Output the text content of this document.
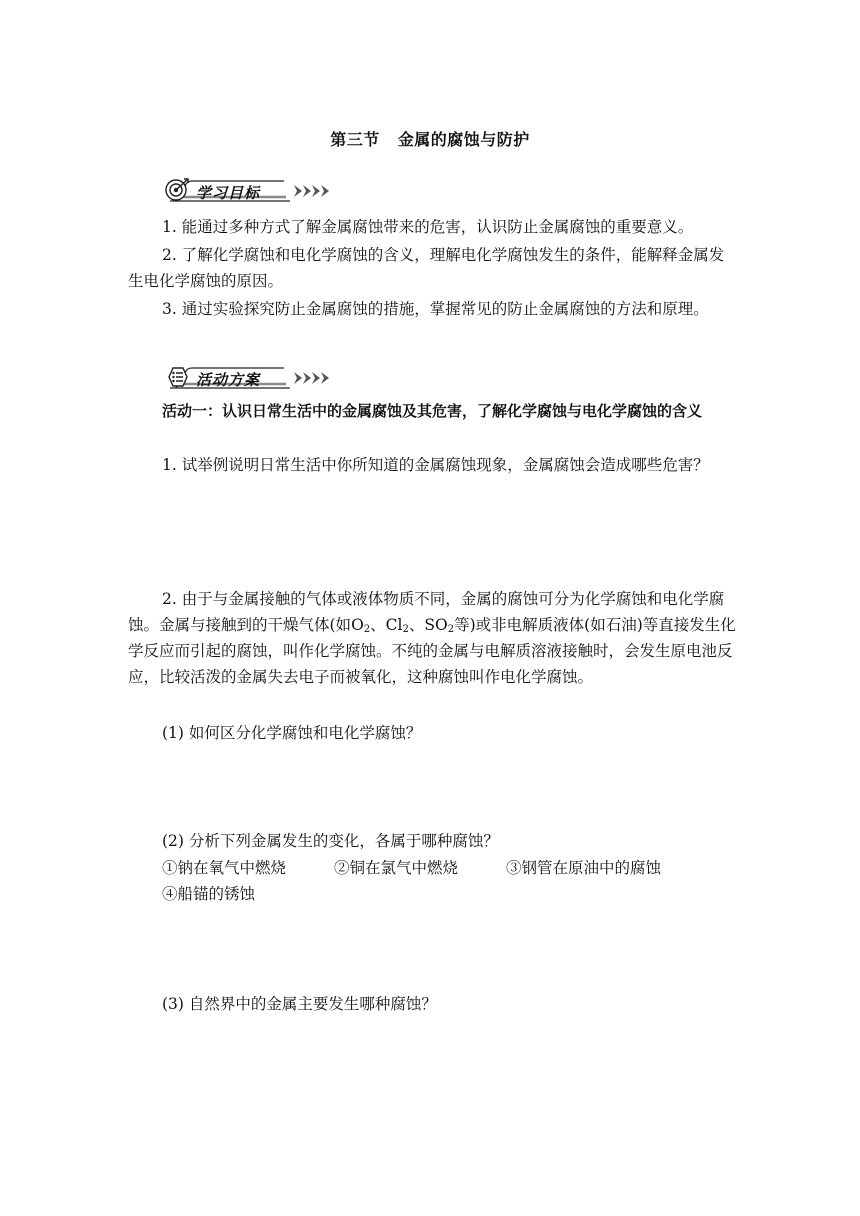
第三节 金属的腐蚀与防护
学习目标

1. 能通过多种方式了解金属腐蚀带来的危害，认识防止金属腐蚀的重要意义。

2. 了解化学腐蚀和电化学腐蚀的含义，理解电化学腐蚀发生的条件，能解释金属发生电化学腐蚀的原因。

3. 通过实验探究防止金属腐蚀的措施，掌握常见的防止金属腐蚀的方法和原理。

活动方案

活动一：认识日常生活中的金属腐蚀及其危害，了解化学腐蚀与电化学腐蚀的含义

1. 试举例说明日常生活中你所知道的金属腐蚀现象，金属腐蚀会造成哪些危害？

2. 由于与金属接触的气体或液体物质不同，金属的腐蚀可分为化学腐蚀和电化学腐蚀。金属与接触到的干燥气体(如$O_2$、$Cl_2$、$SO_2$等)或非电解质液体(如石油)等直接发生化学反应而引起的腐蚀，叫作化学腐蚀。不纯的金属与电解质溶液接触时，会发生原电池反应，比较活泼的金属失去电子而被氧化，这种腐蚀叫作电化学腐蚀。

(1) 如何区分化学腐蚀和电化学腐蚀？

(2) 分析下列金属发生的变化，各属于哪种腐蚀？

①钠在氧气中燃烧	②铜在氯气中燃烧	③钢管在原油中的腐蚀
④船锚的锈蚀

(3) 自然界中的金属主要发生哪种腐蚀？
